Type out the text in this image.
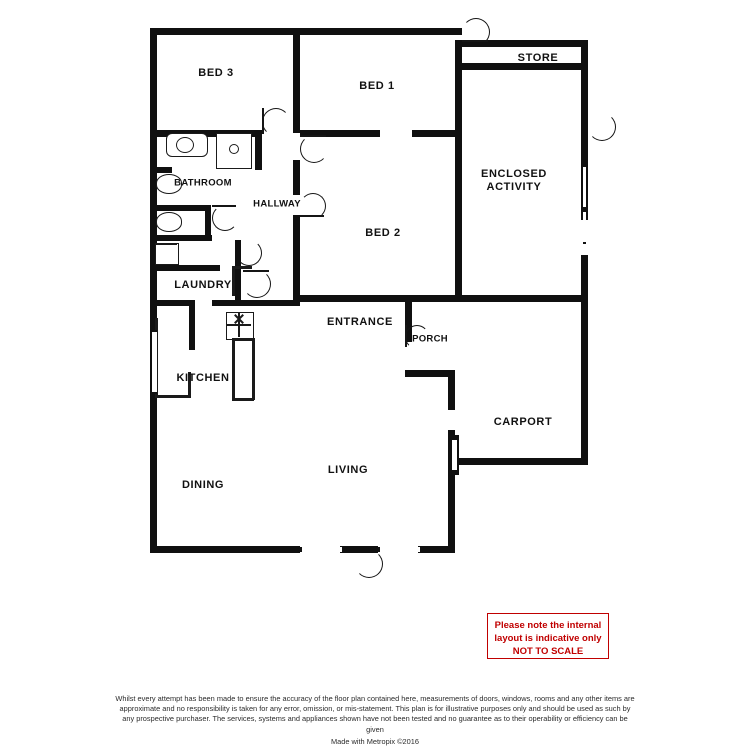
BED 3
BED 1
STORE
ENCLOSED
ACTIVITY
BATHROOM
HALLWAY
BED 2
LAUNDRY
ENTRANCE
PORCH
KITCHEN
CARPORT
LIVING
DINING
Please note the internal
layout is indicative only
NOT TO SCALE
Whilst every attempt has been made to ensure the accuracy of the floor plan contained here, measurements of doors, windows, rooms and any other items are approximate and no responsibility is taken for any error, omission, or mis-statement. This plan is for illustrative purposes only and should be used as such by any prospective purchaser. The services, systems and appliances shown have not been tested and no guarantee as to their operability or efficiency can be given
Made with Metropix ©2016
